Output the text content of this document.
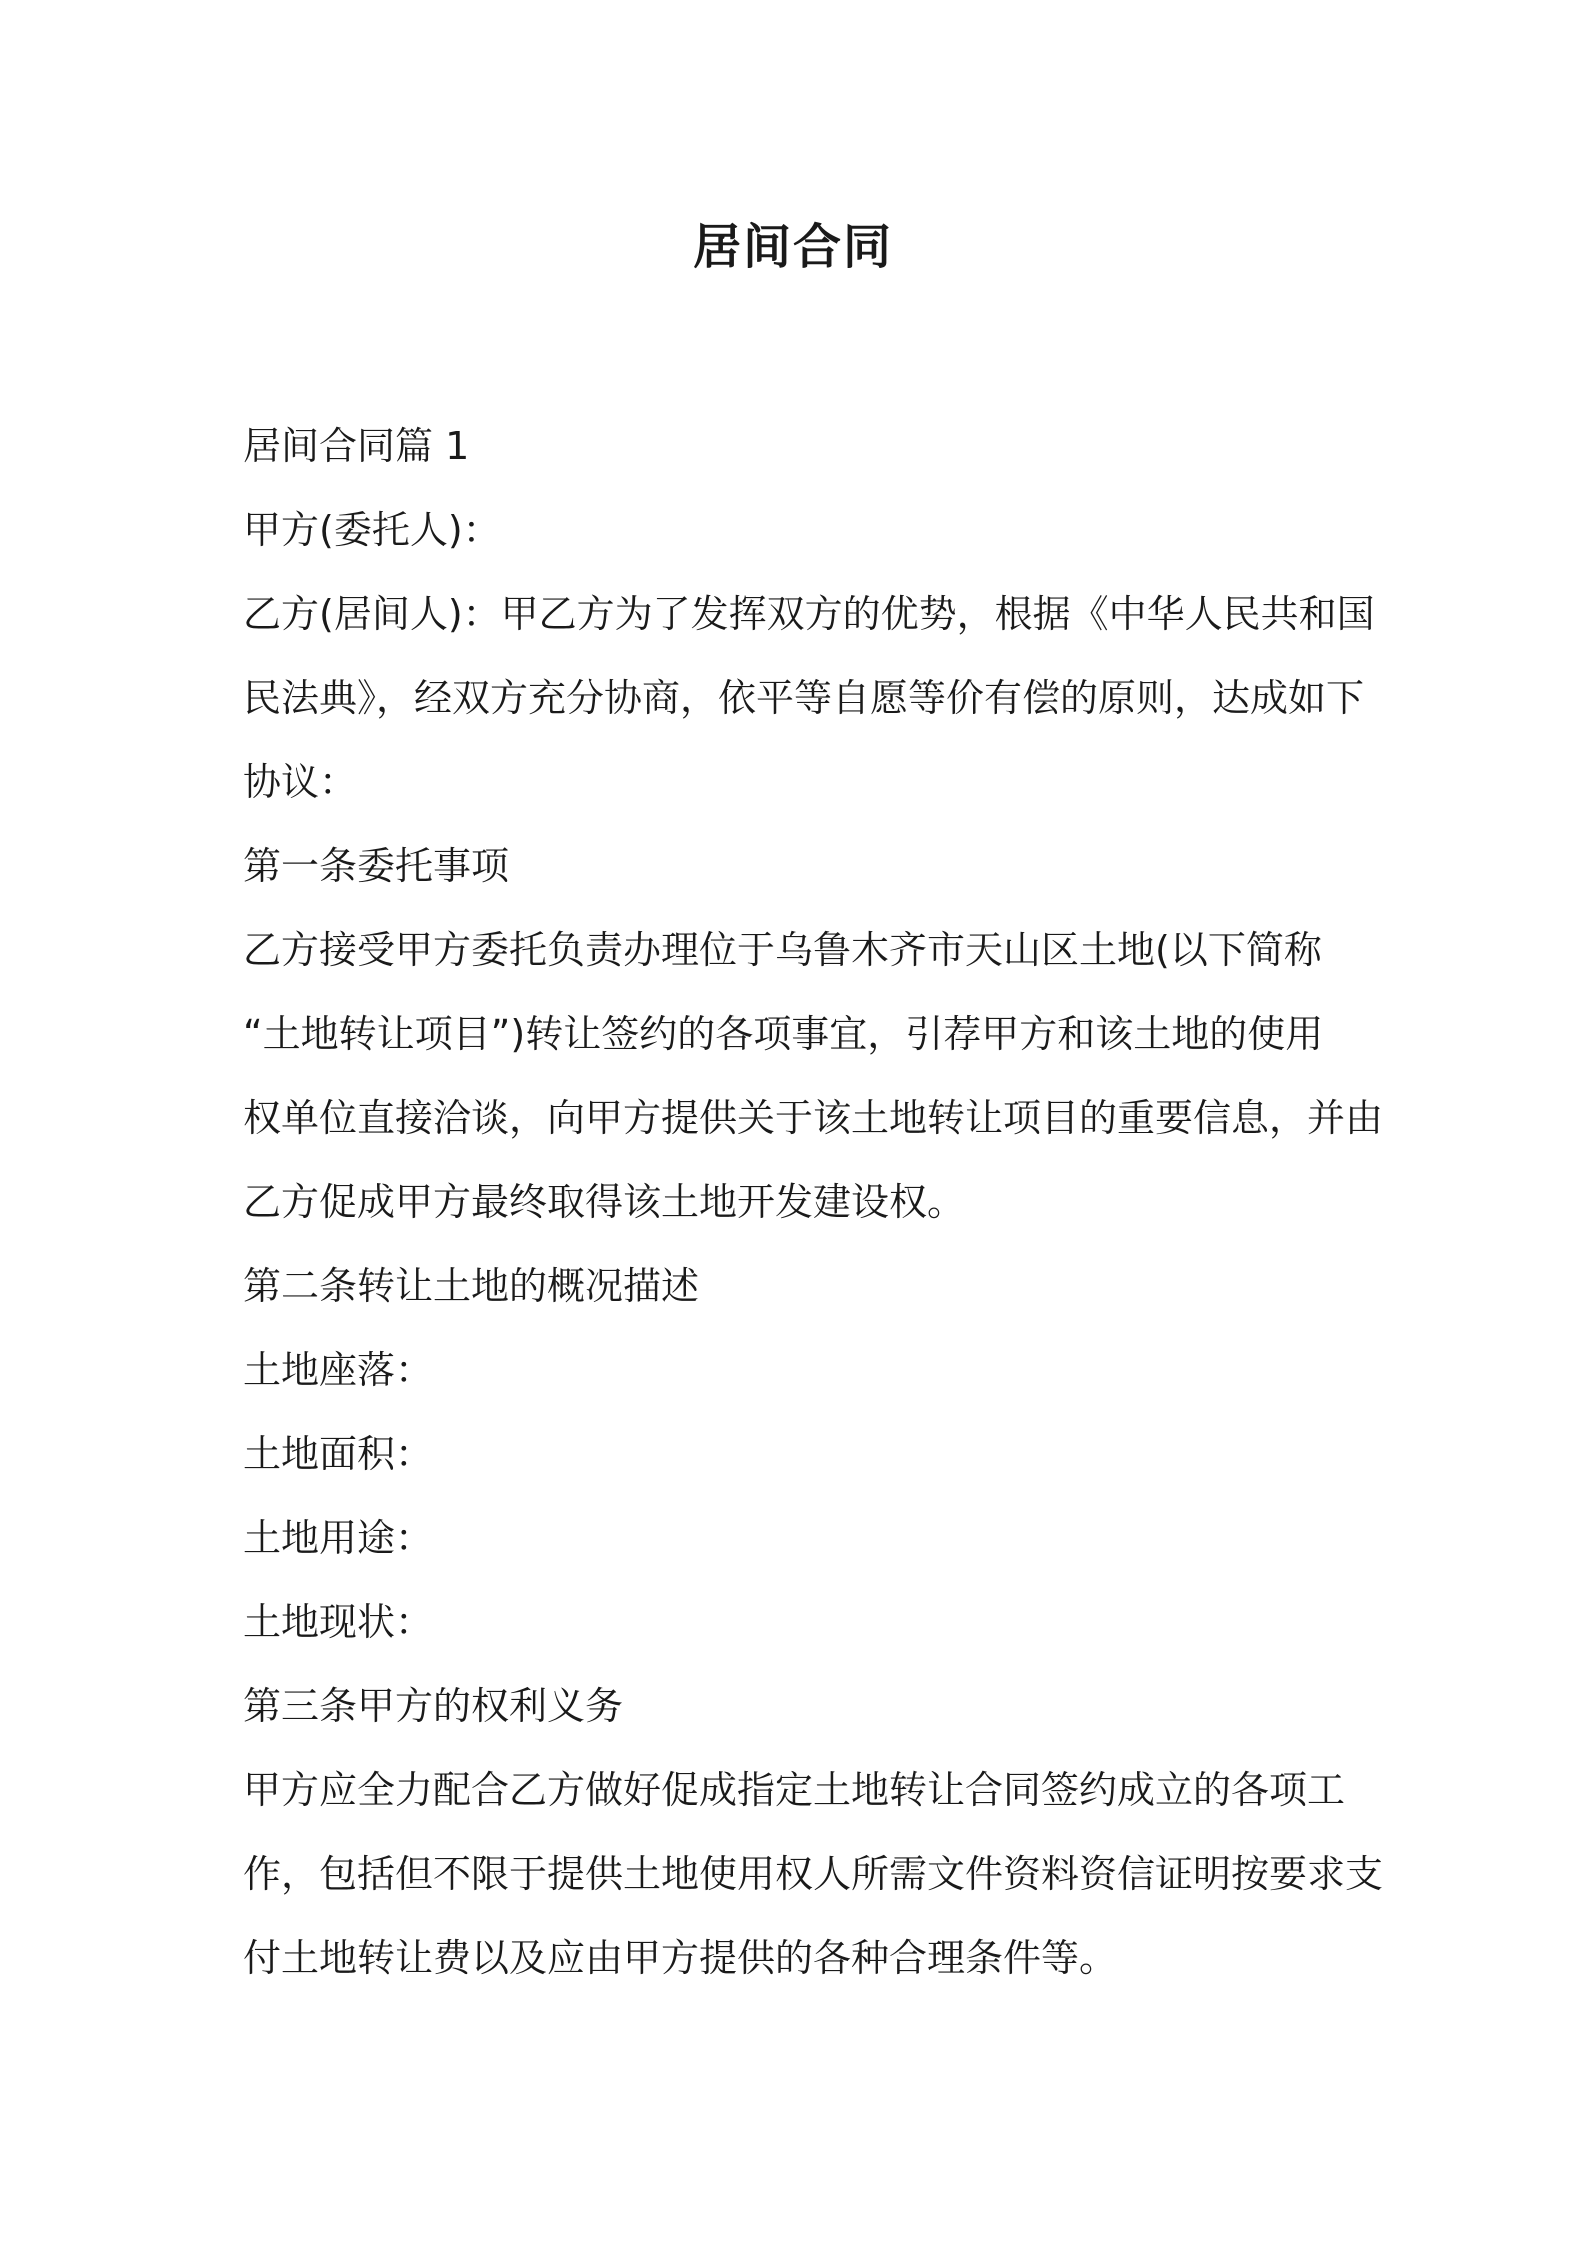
居间合同

居间合同篇 1

甲方(委托人)：

乙方(居间人)：甲乙方为了发挥双方的优势，根据《中华人民共和国

民法典》，经双方充分协商，依平等自愿等价有偿的原则，达成如下

协议：

第一条委托事项

乙方接受甲方委托负责办理位于乌鲁木齐市天山区土地(以下简称

“土地转让项目”)转让签约的各项事宜，引荐甲方和该土地的使用

权单位直接洽谈，向甲方提供关于该土地转让项目的重要信息，并由

乙方促成甲方最终取得该土地开发建设权。

第二条转让土地的概况描述

土地座落：

土地面积：

土地用途：

土地现状：

第三条甲方的权利义务

甲方应全力配合乙方做好促成指定土地转让合同签约成立的各项工

作，包括但不限于提供土地使用权人所需文件资料资信证明按要求支

付土地转让费以及应由甲方提供的各种合理条件等。
